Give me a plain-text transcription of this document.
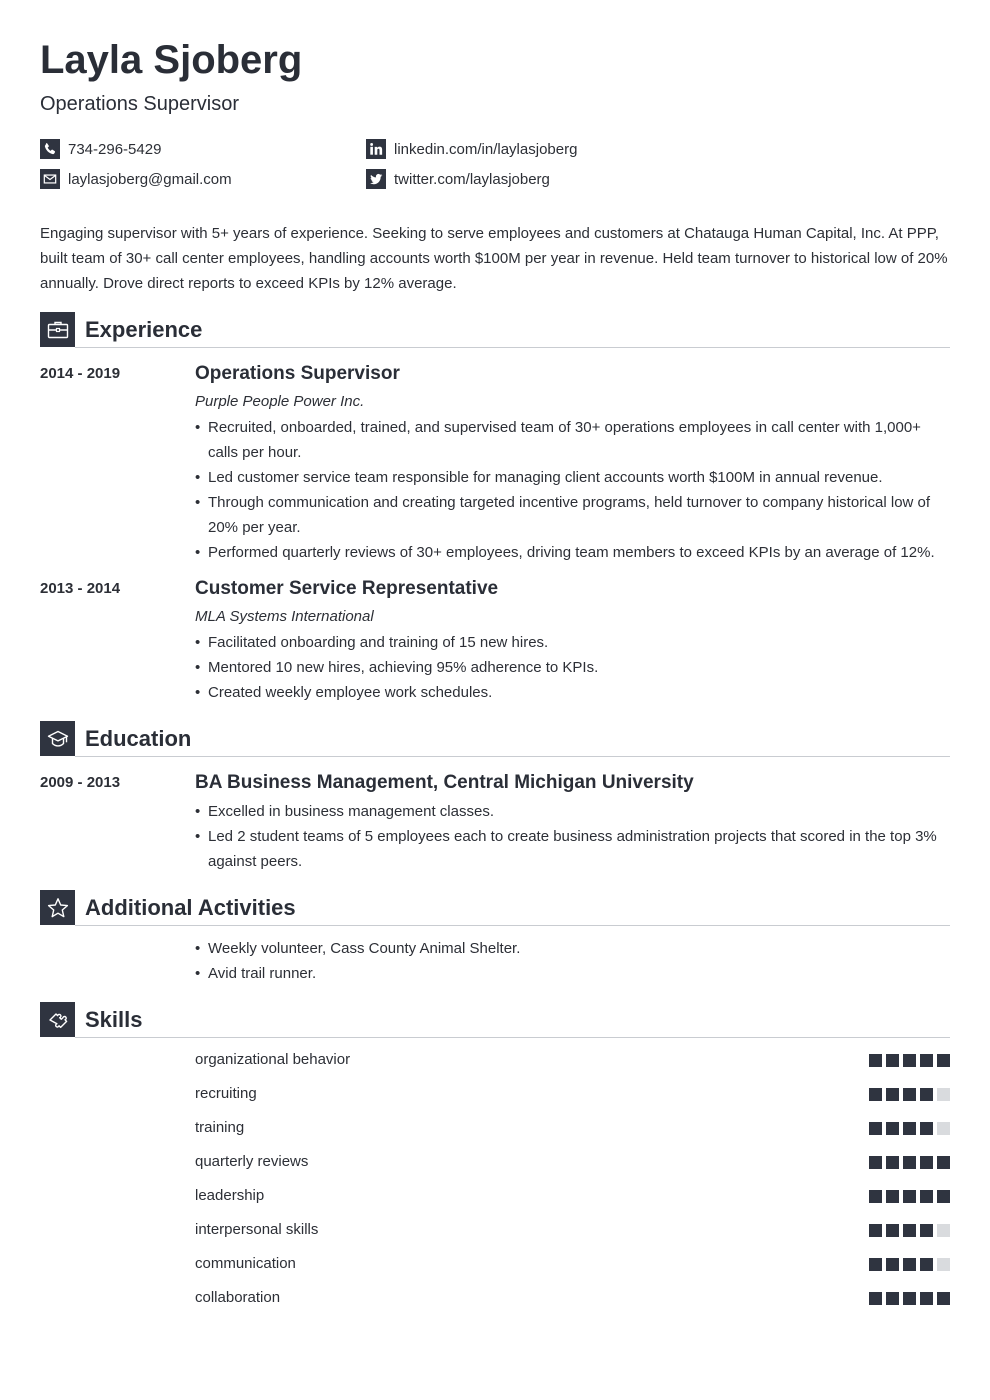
Layla Sjoberg
Operations Supervisor
734-296-5429
laylasjoberg@gmail.com
linkedin.com/in/laylasjoberg
twitter.com/laylasjoberg
Engaging supervisor with 5+ years of experience. Seeking to serve employees and customers at Chatauga Human Capital, Inc. At PPP, built team of 30+ call center employees, handling accounts worth $100M per year in revenue. Held team turnover to historical low of 20% annually. Drove direct reports to exceed KPIs by 12% average.
Experience
2014 - 2019	Operations Supervisor
Purple People Power Inc.
• Recruited, onboarded, trained, and supervised team of 30+ operations employees in call center with 1,000+ calls per hour.
• Led customer service team responsible for managing client accounts worth $100M in annual revenue.
• Through communication and creating targeted incentive programs, held turnover to company historical low of 20% per year.
• Performed quarterly reviews of 30+ employees, driving team members to exceed KPIs by an average of 12%.
2013 - 2014	Customer Service Representative
MLA Systems International
• Facilitated onboarding and training of 15 new hires.
• Mentored 10 new hires, achieving 95% adherence to KPIs.
• Created weekly employee work schedules.
Education
2009 - 2013	BA Business Management, Central Michigan University
• Excelled in business management classes.
• Led 2 student teams of 5 employees each to create business administration projects that scored in the top 3% against peers.
Additional Activities
• Weekly volunteer, Cass County Animal Shelter.
• Avid trail runner.
Skills
organizational behavior
recruiting
training
quarterly reviews
leadership
interpersonal skills
communication
collaboration
